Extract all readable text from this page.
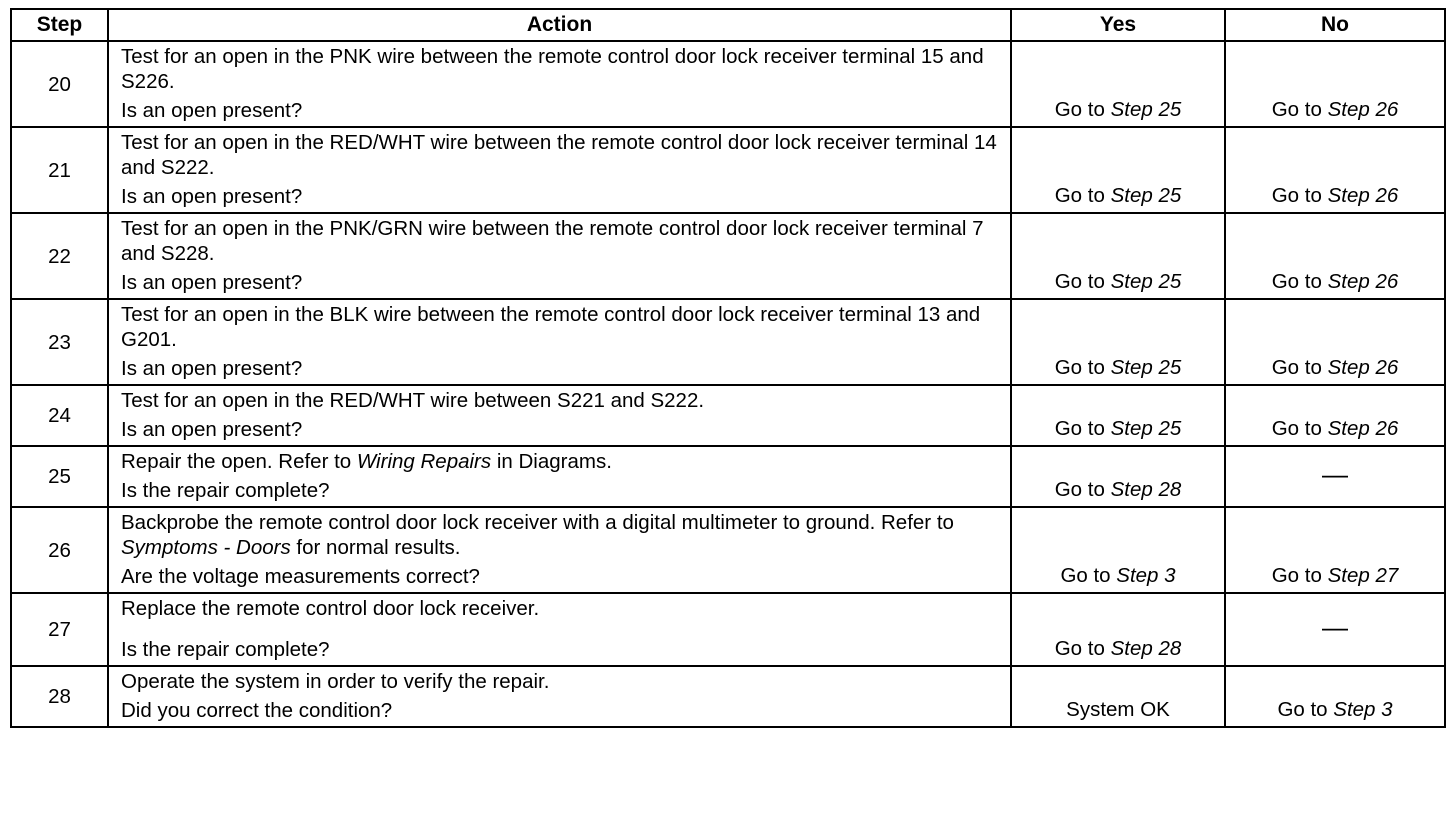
Step	Action	Yes	No
20	Test for an open in the PNK wire between the remote control door lock receiver terminal 15 and S226.
Is an open present?	Go to Step 25	Go to Step 26
21	Test for an open in the RED/WHT wire between the remote control door lock receiver terminal 14 and S222.
Is an open present?	Go to Step 25	Go to Step 26
22	Test for an open in the PNK/GRN wire between the remote control door lock receiver terminal 7 and S228.
Is an open present?	Go to Step 25	Go to Step 26
23	Test for an open in the BLK wire between the remote control door lock receiver terminal 13 and G201.
Is an open present?	Go to Step 25	Go to Step 26
24	Test for an open in the RED/WHT wire between S221 and S222.
Is an open present?	Go to Step 25	Go to Step 26
25	Repair the open. Refer to Wiring Repairs in Diagrams.
Is the repair complete?	Go to Step 28	—
26	Backprobe the remote control door lock receiver with a digital multimeter to ground. Refer to Symptoms - Doors for normal results.
Are the voltage measurements correct?	Go to Step 3	Go to Step 27
27	Replace the remote control door lock receiver.
Is the repair complete?	Go to Step 28	—
28	Operate the system in order to verify the repair.
Did you correct the condition?	System OK	Go to Step 3
